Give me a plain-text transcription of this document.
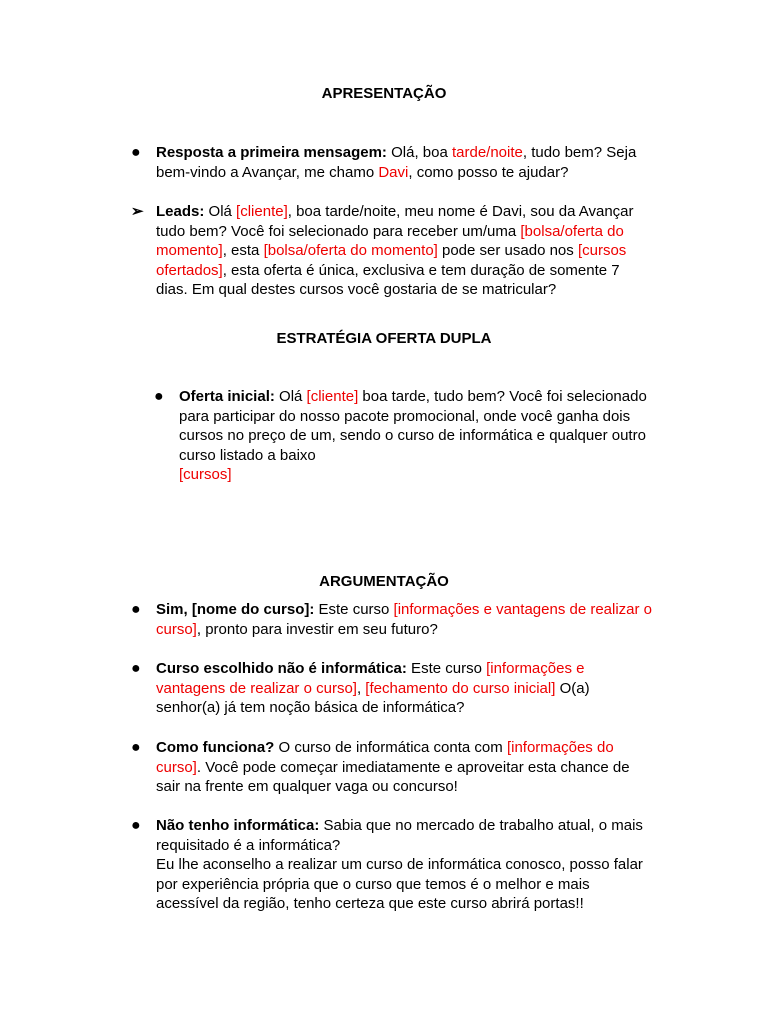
APRESENTAÇÃO
● Resposta a primeira mensagem: Olá, boa tarde/noite, tudo bem? Seja bem-vindo a Avançar, me chamo Davi, como posso te ajudar?

➢ Leads: Olá [cliente], boa tarde/noite, meu nome é Davi, sou da Avançar tudo bem? Você foi selecionado para receber um/uma [bolsa/oferta do momento], esta [bolsa/oferta do momento] pode ser usado nos [cursos ofertados], esta oferta é única, exclusiva e tem duração de somente 7 dias. Em qual destes cursos você gostaria de se matricular?

ESTRATÉGIA OFERTA DUPLA
● Oferta inicial: Olá [cliente] boa tarde, tudo bem? Você foi selecionado para participar do nosso pacote promocional, onde você ganha dois cursos no preço de um, sendo o curso de informática e qualquer outro curso listado a baixo
[cursos]

ARGUMENTAÇÃO
● Sim, [nome do curso]: Este curso [informações e vantagens de realizar o curso], pronto para investir em seu futuro?

● Curso escolhido não é informática: Este curso [informações e vantagens de realizar o curso], [fechamento do curso inicial] O(a) senhor(a) já tem noção básica de informática?

● Como funciona? O curso de informática conta com [informações do curso]. Você pode começar imediatamente e aproveitar esta chance de sair na frente em qualquer vaga ou concurso!

● Não tenho informática: Sabia que no mercado de trabalho atual, o mais requisitado é a informática?
Eu lhe aconselho a realizar um curso de informática conosco, posso falar por experiência própria que o curso que temos é o melhor e mais acessível da região, tenho certeza que este curso abrirá portas!!
